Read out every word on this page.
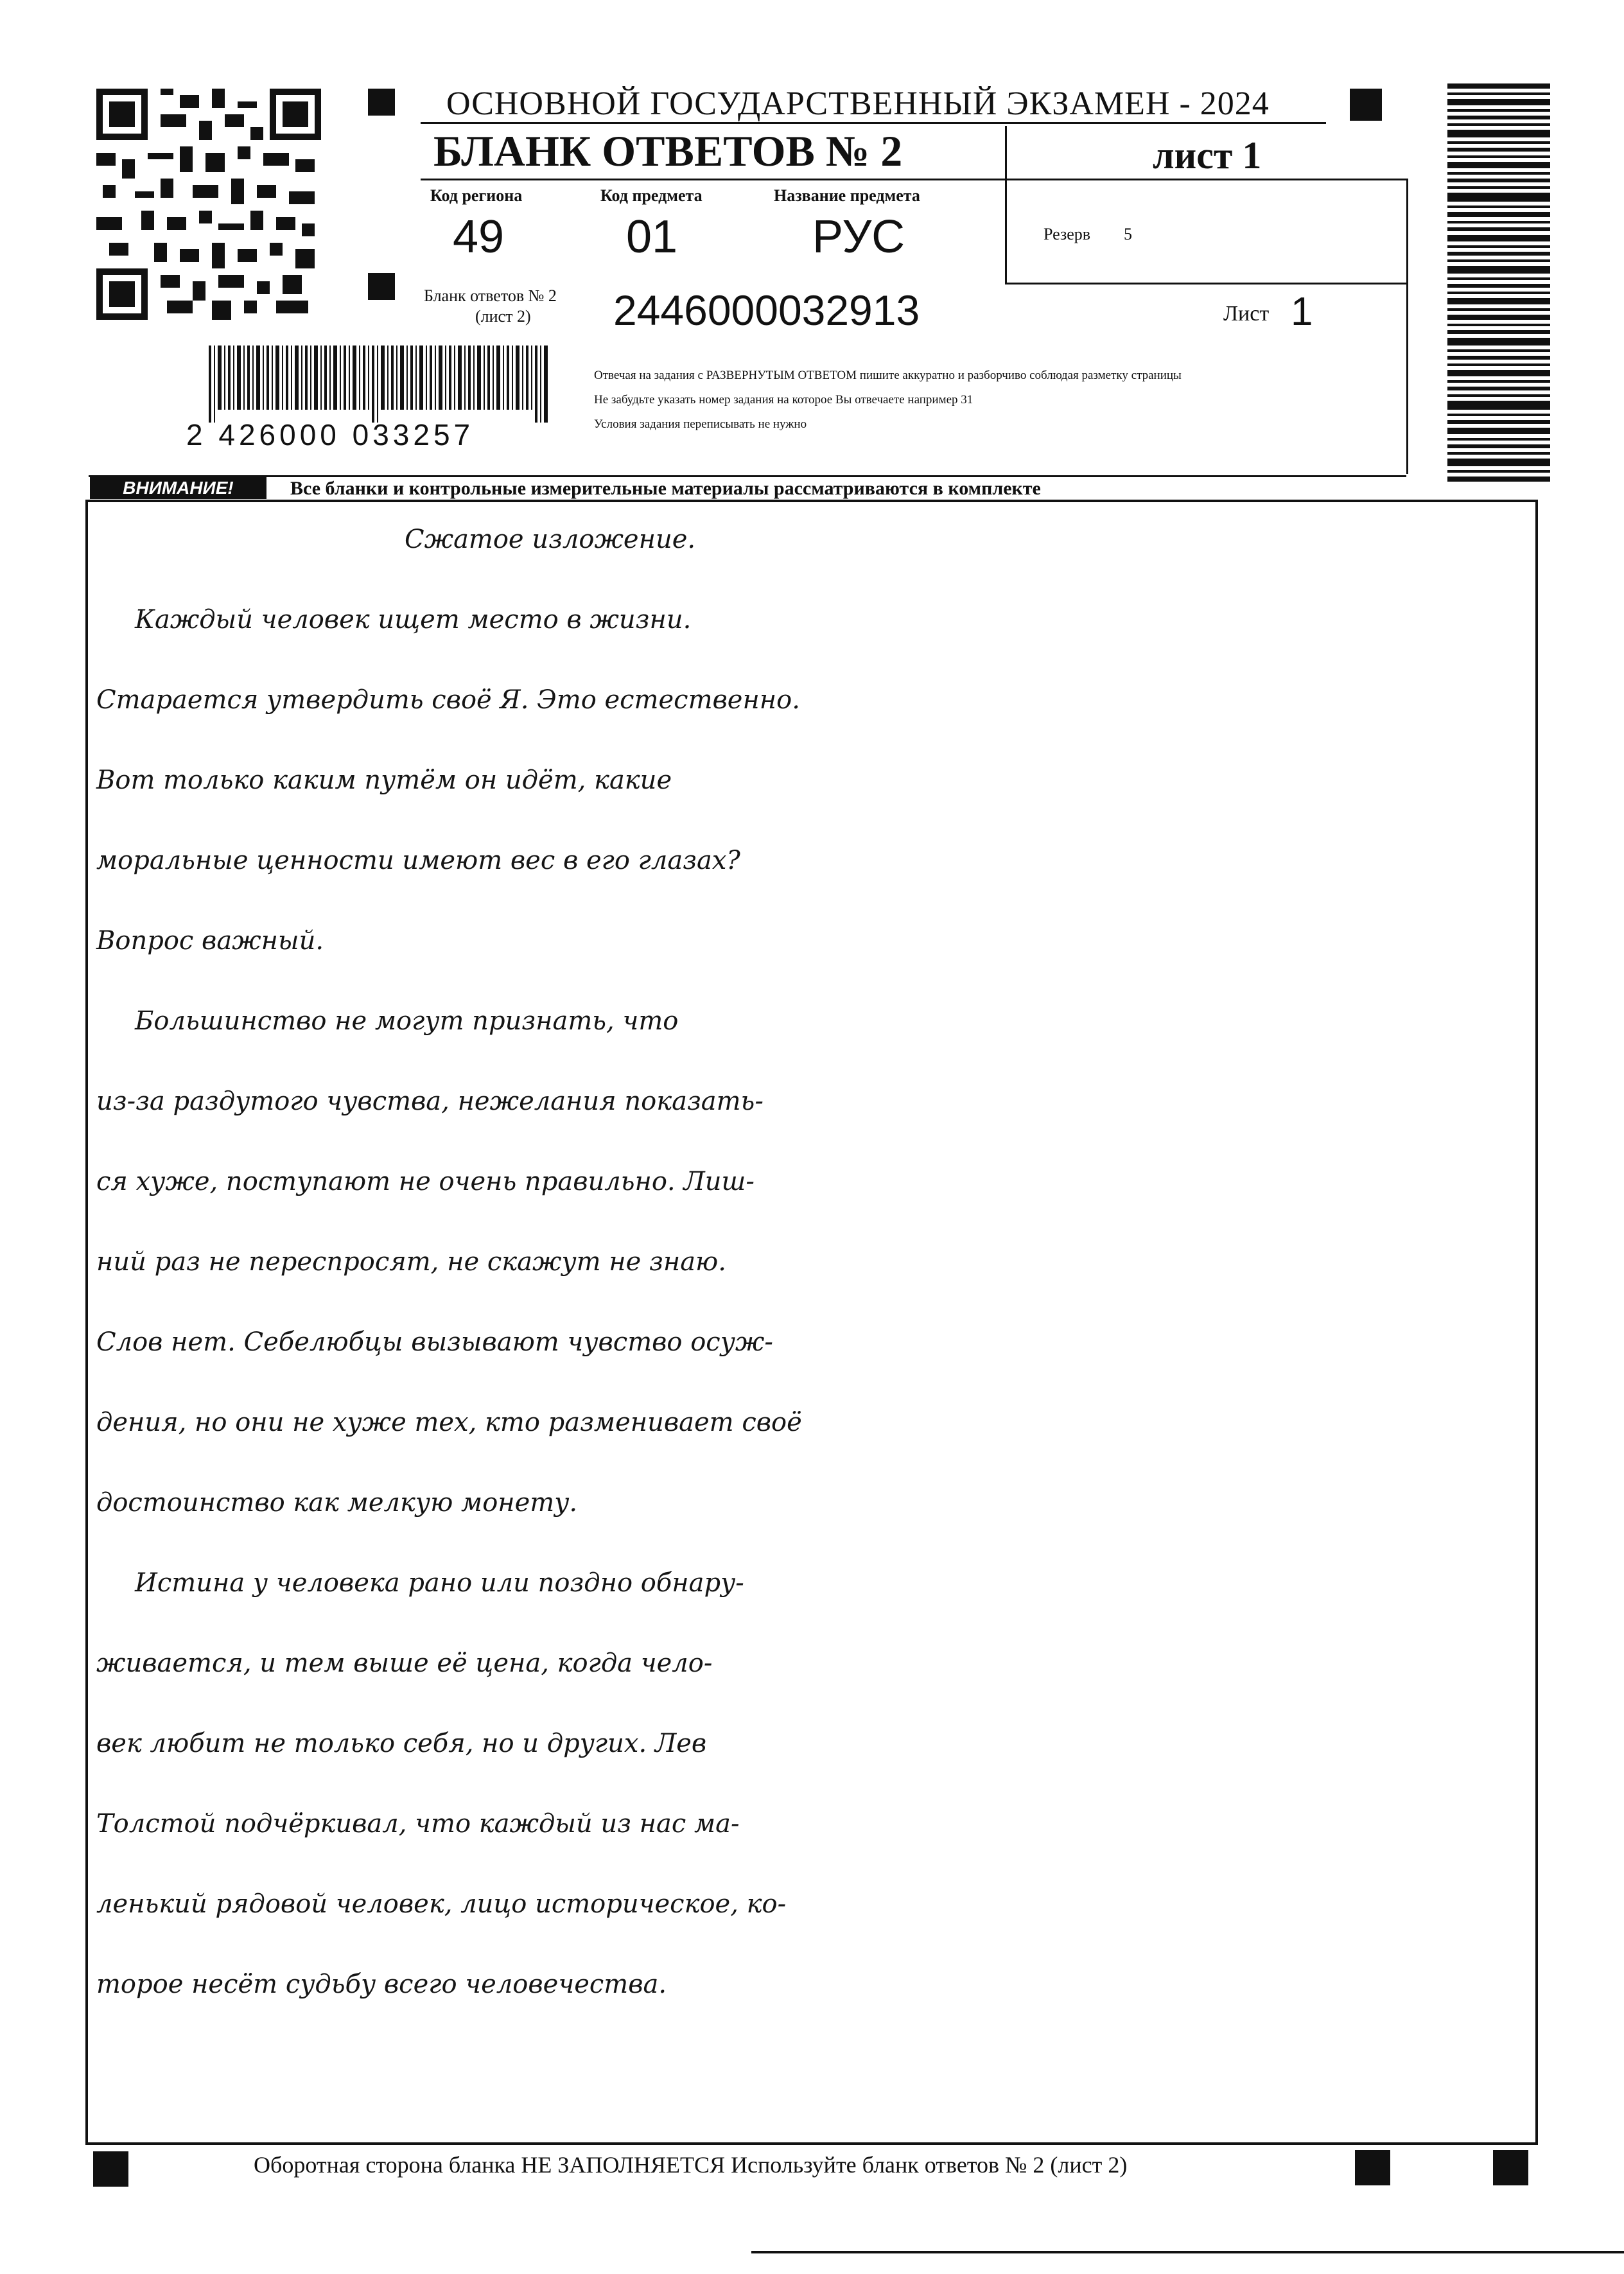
2 426000 033257
ОСНОВНОЙ ГОСУДАРСТВЕННЫЙ ЭКЗАМЕН - 2024
БЛАНК ОТВЕТОВ № 2	лист 1
Код региона
49
Код предмета
01
Название предмета
РУС	Резерв 5
Бланк ответов № 2
(лист 2) 2446000032913	Лист 1
Отвечая на задания с РАЗВЕРНУТЫМ ОТВЕТОМ пишите аккуратно и разборчиво соблюдая разметку страницы
Не забудьте указать номер задания на которое Вы отвечаете например 31
Условия задания переписывать не нужно
ВНИМАНИЕ!	Все бланки и контрольные измерительные материалы рассматриваются в комплекте
Сжатое изложение.
Каждый человек ищет место в жизни.
Старается утвердить своё Я. Это естественно.
Вот только каким путём он идёт, какие
моральные ценности имеют вес в его глазах?
Вопрос важный.
Большинство не могут признать, что
из-за раздутого чувства, нежелания показать-
ся хуже, поступают не очень правильно. Лиш-
ний раз не переспросят, не скажут не знаю.
Слов нет. Себелюбцы вызывают чувство осуж-
дения, но они не хуже тех, кто разменивает своё
достоинство как мелкую монету.
Истина у человека рано или поздно обнару-
живается, и тем выше её цена, когда чело-
век любит не только себя, но и других. Лев
Толстой подчёркивал, что каждый из нас ма-
ленький рядовой человек, лицо историческое, ко-
торое несёт судьбу всего человечества.
Оборотная сторона бланка НЕ ЗАПОЛНЯЕТСЯ Используйте бланк ответов № 2 (лист 2)
